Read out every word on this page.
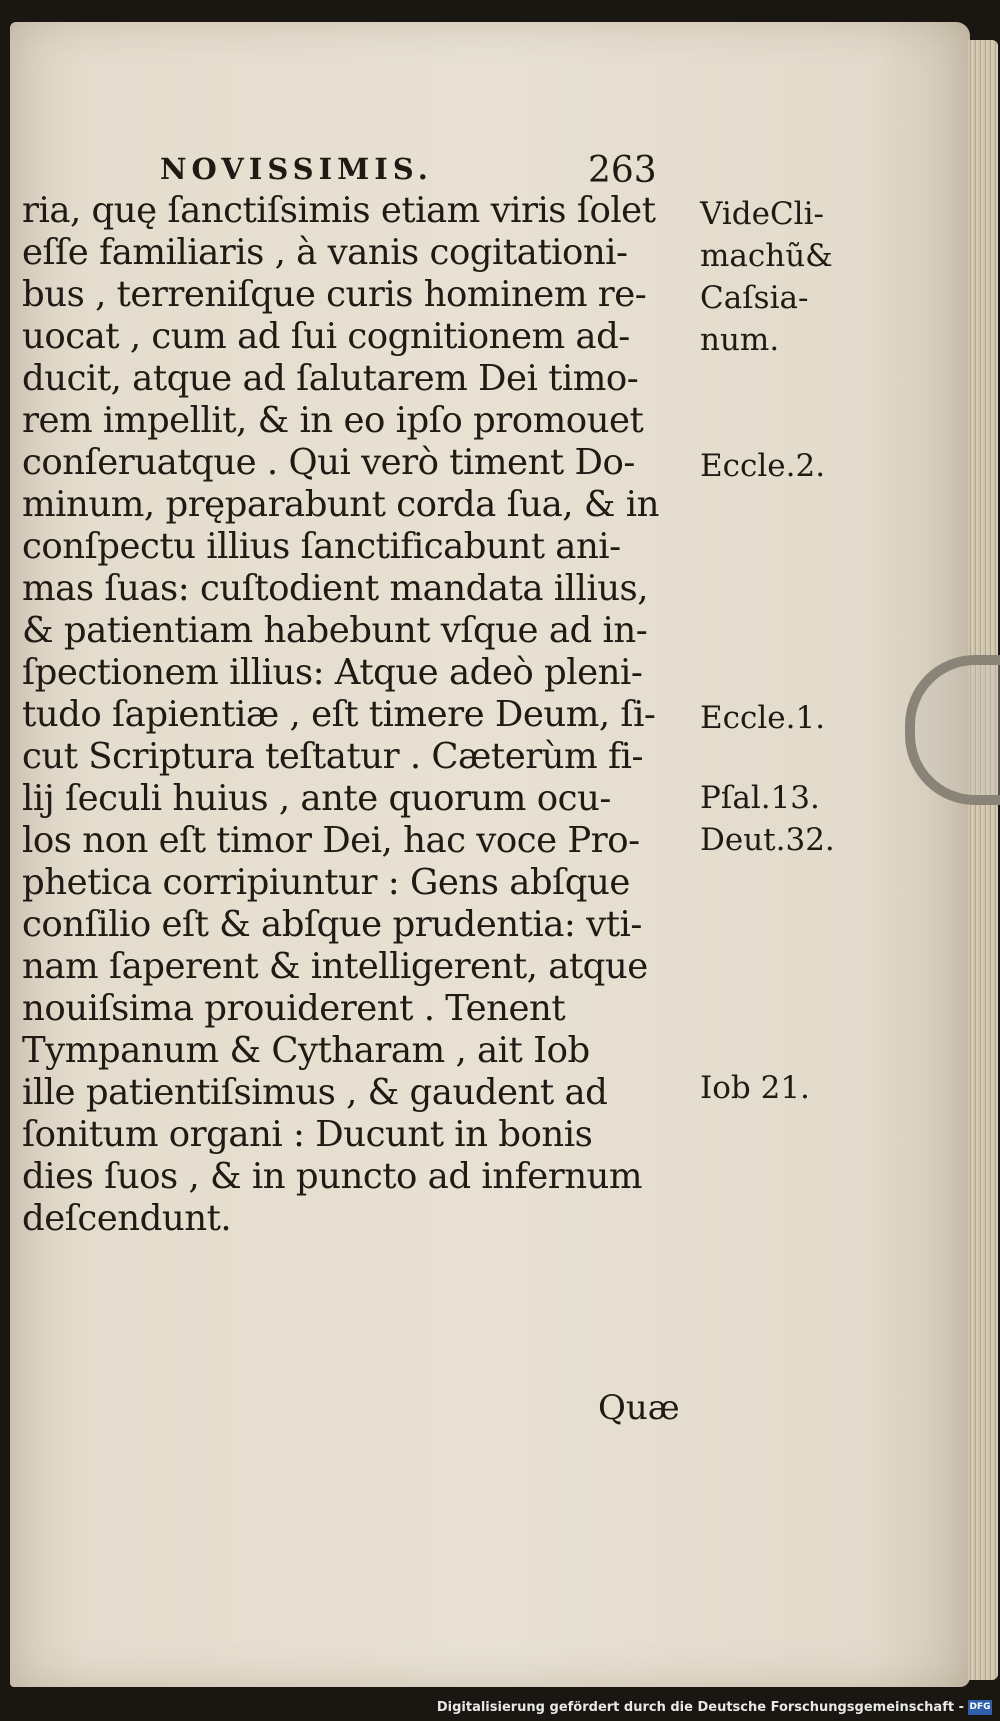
NOVISSIMIS.	263
ria, quę ſanctiſsimis etiam viris ſolet
eſſe familiaris , à vanis cogitationi-
bus , terreniſque curis hominem re-
uocat , cum ad ſui cognitionem ad-
ducit, atque ad ſalutarem Dei timo-
rem impellit, & in eo ipſo promouet
conſeruatque . Qui verò timent Do-
minum, pręparabunt corda ſua, & in
conſpectu illius ſanctificabunt ani-
mas ſuas: cuſtodient mandata illius,
& patientiam habebunt vſque ad in-
ſpectionem illius: Atque adeò pleni-
tudo ſapientiæ , eſt timere Deum, ſi-
cut Scriptura teſtatur . Cæterùm fi-
lij ſeculi huius , ante quorum ocu-
los non eſt timor Dei, hac voce Pro-
phetica corripiuntur : Gens abſque
conſilio eſt & abſque prudentia: vti-
nam ſaperent & intelligerent, atque
nouiſsima prouiderent . Tenent
Tympanum & Cytharam , ait Iob
ille patientiſsimus , & gaudent ad
ſonitum organi : Ducunt in bonis
dies ſuos , & in puncto ad infernum
deſcendunt.
VideCli-
machũ&
Caſsia-
num.
Eccle.2.
Eccle.1.
Pſal.13.
Deut.32.
Iob 21.
Quæ
Digitalisierung gefördert durch die Deutsche Forschungsgemeinschaft - DFG
